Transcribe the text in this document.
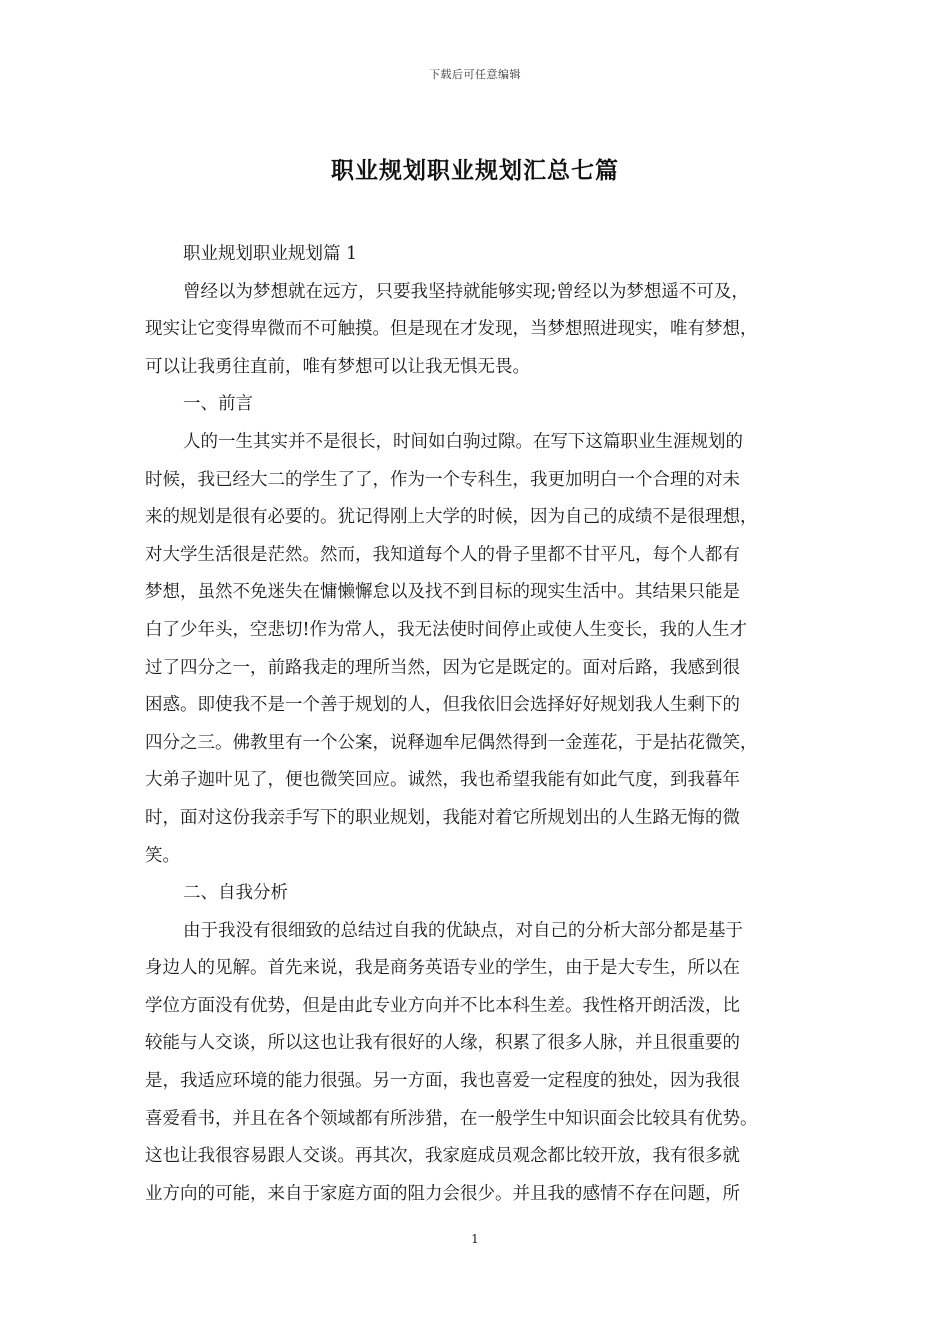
下载后可任意编辑
职业规划职业规划汇总七篇
职业规划职业规划篇 1
曾经以为梦想就在远方，只要我坚持就能够实现;曾经以为梦想遥不可及，
现实让它变得卑微而不可触摸。但是现在才发现，当梦想照进现实，唯有梦想，
可以让我勇往直前，唯有梦想可以让我无惧无畏。
一、前言
人的一生其实并不是很长，时间如白驹过隙。在写下这篇职业生涯规划的
时候，我已经大二的学生了了，作为一个专科生，我更加明白一个合理的对未
来的规划是很有必要的。犹记得刚上大学的时候，因为自己的成绩不是很理想，
对大学生活很是茫然。然而，我知道每个人的骨子里都不甘平凡，每个人都有
梦想，虽然不免迷失在慵懒懈怠以及找不到目标的现实生活中。其结果只能是
白了少年头，空悲切!作为常人，我无法使时间停止或使人生变长，我的人生才
过了四分之一，前路我走的理所当然，因为它是既定的。面对后路，我感到很
困惑。即使我不是一个善于规划的人，但我依旧会选择好好规划我人生剩下的
四分之三。佛教里有一个公案，说释迦牟尼偶然得到一金莲花，于是拈花微笑，
大弟子迦叶见了，便也微笑回应。诚然，我也希望我能有如此气度，到我暮年
时，面对这份我亲手写下的职业规划，我能对着它所规划出的人生路无悔的微
笑。
二、自我分析
由于我没有很细致的总结过自我的优缺点，对自己的分析大部分都是基于
身边人的见解。首先来说，我是商务英语专业的学生，由于是大专生，所以在
学位方面没有优势，但是由此专业方向并不比本科生差。我性格开朗活泼，比
较能与人交谈，所以这也让我有很好的人缘，积累了很多人脉，并且很重要的
是，我适应环境的能力很强。另一方面，我也喜爱一定程度的独处，因为我很
喜爱看书，并且在各个领域都有所涉猎，在一般学生中知识面会比较具有优势。
这也让我很容易跟人交谈。再其次，我家庭成员观念都比较开放，我有很多就
业方向的可能，来自于家庭方面的阻力会很少。并且我的感情不存在问题，所
1
